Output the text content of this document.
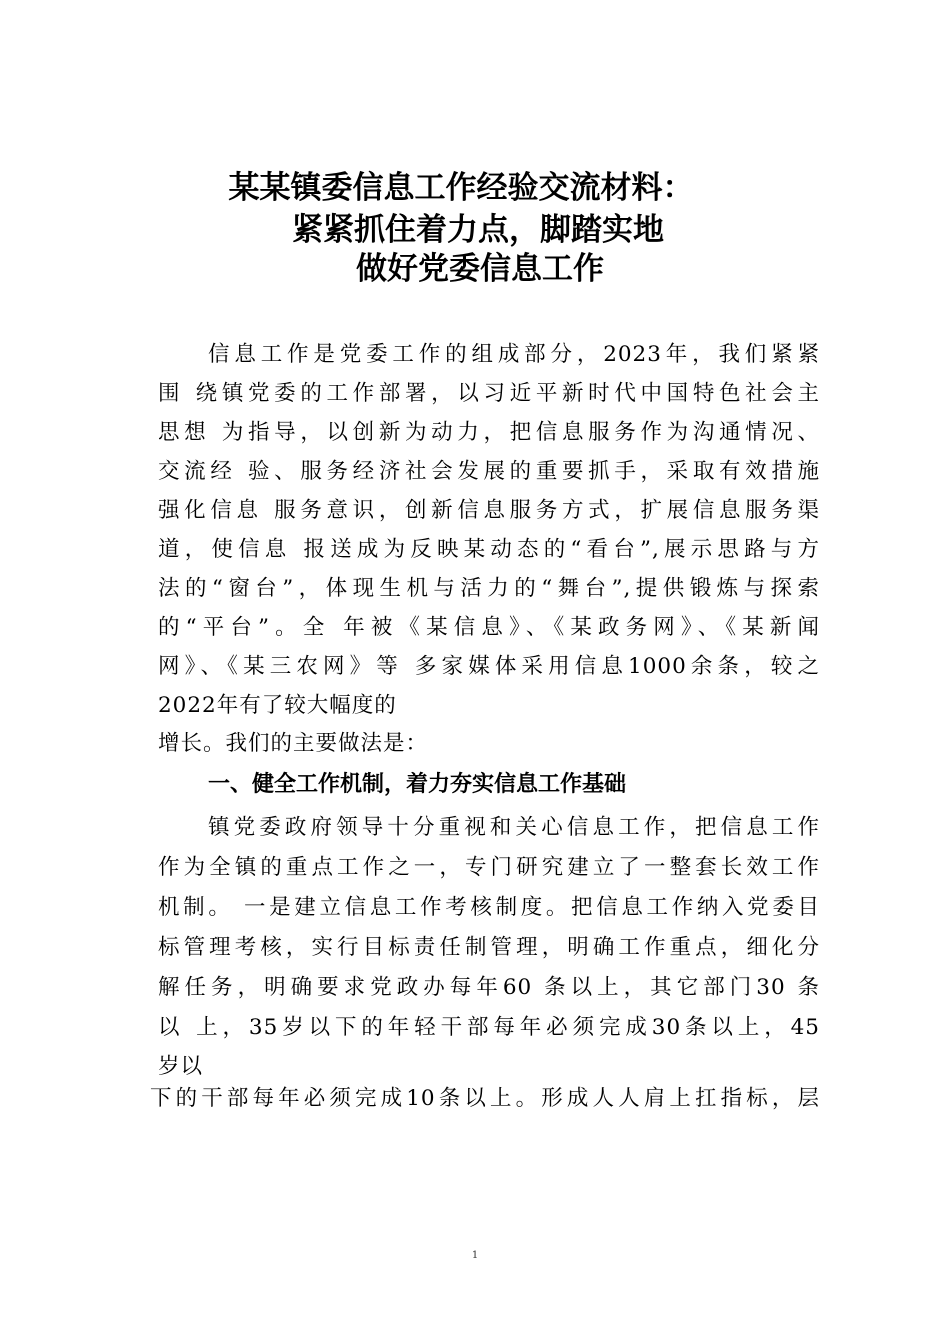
某某镇委信息工作经验交流材料：
紧紧抓住着力点，脚踏实地
做好党委信息工作
信息工作是党委工作的组成部分，2023年，我们紧紧
围 绕镇党委的工作部署，以习近平新时代中国特色社会主
思想 为指导，以创新为动力，把信息服务作为沟通情况、
交流经 验、服务经济社会发展的重要抓手，采取有效措施
强化信息 服务意识，创新信息服务方式，扩展信息服务渠
道，使信息 报送成为反映某动态的“看台”,展示思路与方
法的“窗台”，体现生机与活力的“舞台”,提供锻炼与探索
的“平台”。全 年被《某信息》、《某政务网》、《某新闻
网》、《某三农网》等 多家媒体采用信息1000余条，较之
2022年有了较大幅度的
增长。我们的主要做法是：
一、健全工作机制，着力夯实信息工作基础
镇党委政府领导十分重视和关心信息工作，把信息工作
作为全镇的重点工作之一，专门研究建立了一整套长效工作
机制。 一是建立信息工作考核制度。把信息工作纳入党委目
标管理考核，实行目标责任制管理，明确工作重点，细化分
解任务，明确要求党政办每年60 条以上，其它部门30 条
以 上，35岁以下的年轻干部每年必须完成30条以上，45
岁以
下的干部每年必须完成10条以上。形成人人肩上扛指标，层
1
